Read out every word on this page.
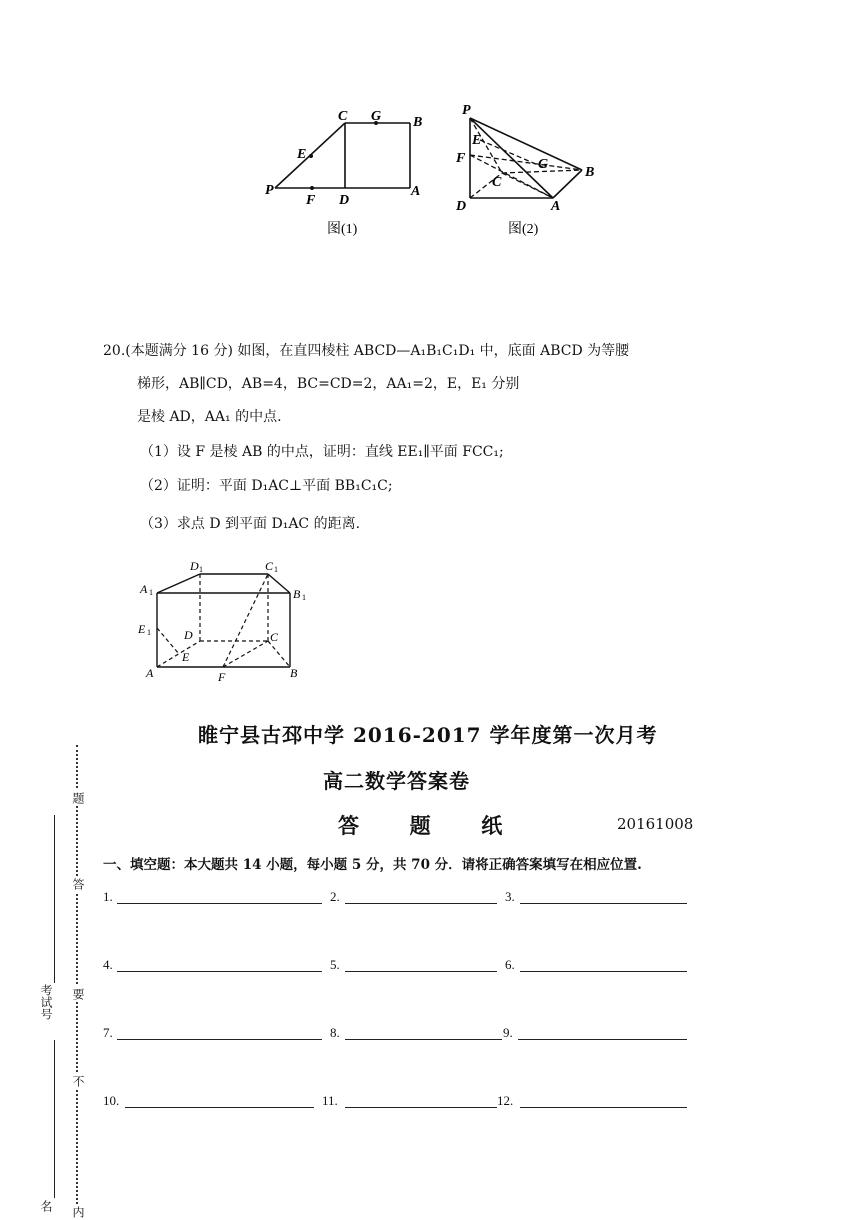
C G B
E
P
F D
A
图(1)
P
E
F	G
B
C
D	A
图(2)
20.(本题满分 16 分) 如图，在直四棱柱 ABCD—A₁B₁C₁D₁ 中，底面 ABCD 为等腰
梯形，AB∥CD，AB=4，BC=CD=2，AA₁=2，E，E₁ 分别
是棱 AD，AA₁ 的中点.
（1）设 F 是棱 AB 的中点，证明：直线 EE₁∥平面 FCC₁;
（2）证明：平面 D₁AC⊥平面 BB₁C₁C;
（3）求点 D 到平面 D₁AC 的距离.
D 1	C 1
A 1	B 1
E 1	D	C
E
A	F	B
睢宁县古邳中学 2016-2017 学年度第一次月考
高二数学答案卷
答  题  纸	20161008
一、填空题：本大题共 14 小题，每小题 5 分，共 70 分．请将正确答案填写在相应位置.
1.	2.	3.
4.	5.	6.
7.	8.	9.
10.	11.	12.
题
答
要
不
内
考试号
名
